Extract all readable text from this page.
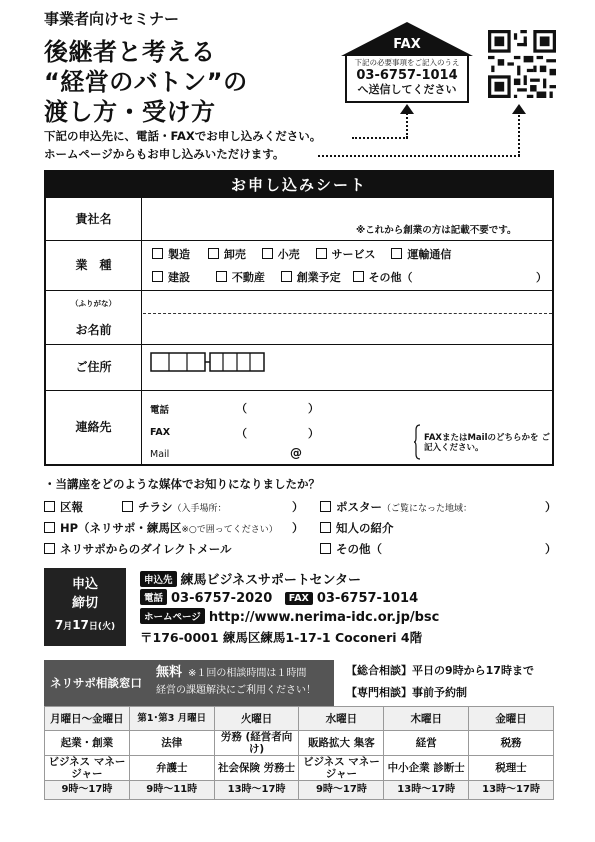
事業者向けセミナー
後継者と考える
“経営のバトン”の
渡し方・受け方
下記の申込先に、電話・FAXでお申し込みください。
ホームページからもお申し込みいただけます。
FAX
下記の必要事項をご記入のうえ
03-6757-1014
へ送信してください
お申し込みシート
貴社名
※これから創業の方は記載不要です。
業　種
製造	卸売	小売	サービス	運輸通信
建設	不動産	創業予定	その他（	）
（ふりがな）
お名前
ご住所
連絡先
電話	（	）
FAX	（	）
Mail	@
FAXまたはMailのどちらかを ご記入ください。
・当講座をどのような媒体でお知りになりましたか？
区報	チラシ（入手場所：	）
HP（ネリサポ・練馬区※○で囲ってください） ）
ネリサポからのダイレクトメール
ポスター（ご覧になった地域：	）
知人の紹介
その他（	）
申込
締切
7月17日(火)
申込先 練馬ビジネスサポートセンター
電話 03-6757-2020 FAX 03-6757-1014
ホームページ http://www.nerima-idc.or.jp/bsc
〒176-0001 練馬区練馬1-17-1 Coconeri 4階
ネリサポ相談窓口
無料 ※１回の相談時間は１時間
経営の課題解決にご利用ください！
【総合相談】平日の9時から17時まで
【専門相談】事前予約制
月曜日〜金曜日	第1･第3 月曜日	火曜日	水曜日	木曜日	金曜日
起業・創業	法律	労務 (経営者向け)	販路拡大 集客	経営	税務
ビジネス マネージャー	弁護士	社会保険 労務士	ビジネス マネージャー	中小企業 診断士	税理士
9時〜17時	9時〜11時	13時〜17時	9時〜17時	13時〜17時	13時〜17時
